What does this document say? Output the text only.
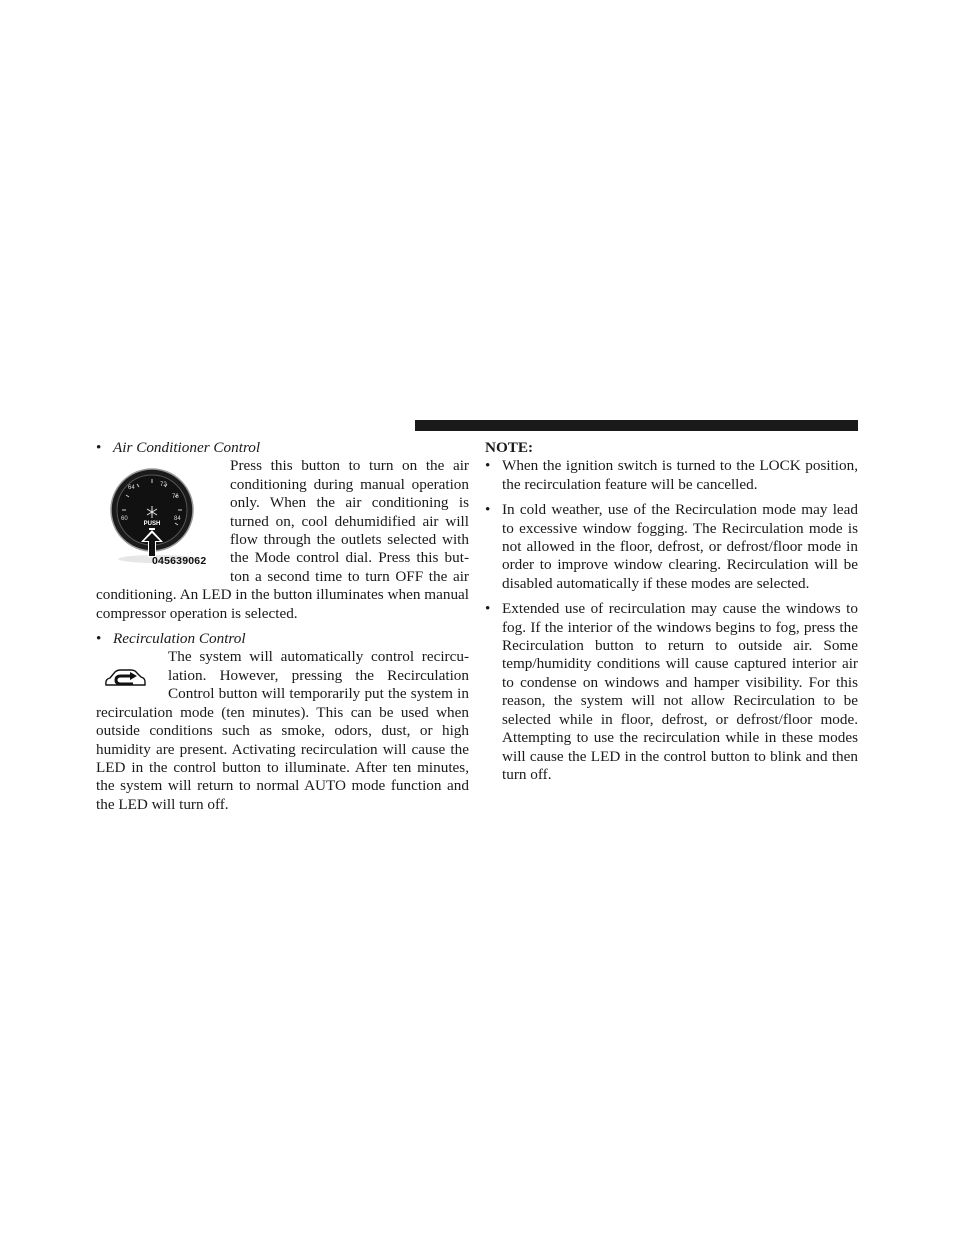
• Air Conditioner Control

60
64	72
76
84
PUSH
045639062

Press this button to turn on the air conditioning during manual operation only. When the air conditioning is turned on, cool dehumidified air will flow through the outlets selected with the Mode control dial. Press this button a second time to turn OFF the air conditioning. An LED in the button illuminates when manual compressor operation is selected.

• Recirculation Control

The system will automatically control recirculation. However, pressing the Recirculation Control button will temporarily put the system in recirculation mode (ten minutes). This can be used when outside conditions such as smoke, odors, dust, or high humidity are present. Activating recirculation will cause the LED in the control button to illuminate. After ten minutes, the system will return to normal AUTO mode function and the LED will turn off.

NOTE:

• When the ignition switch is turned to the LOCK position, the recirculation feature will be cancelled.
• In cold weather, use of the Recirculation mode may lead to excessive window fogging. The Recirculation mode is not allowed in the floor, defrost, or defrost/​floor mode in order to improve window clearing. Recirculation will be disabled automatically if these modes are selected.
• Extended use of recirculation may cause the windows to fog. If the interior of the windows begins to fog, press the Recirculation button to return to outside air. Some temp/humidity conditions will cause captured interior air to condense on windows and hamper visibility. For this reason, the system will not allow Recirculation to be selected while in floor, defrost, or defrost/floor mode. Attempting to use the recirculation while in these modes will cause the LED in the control button to blink and then turn off.
